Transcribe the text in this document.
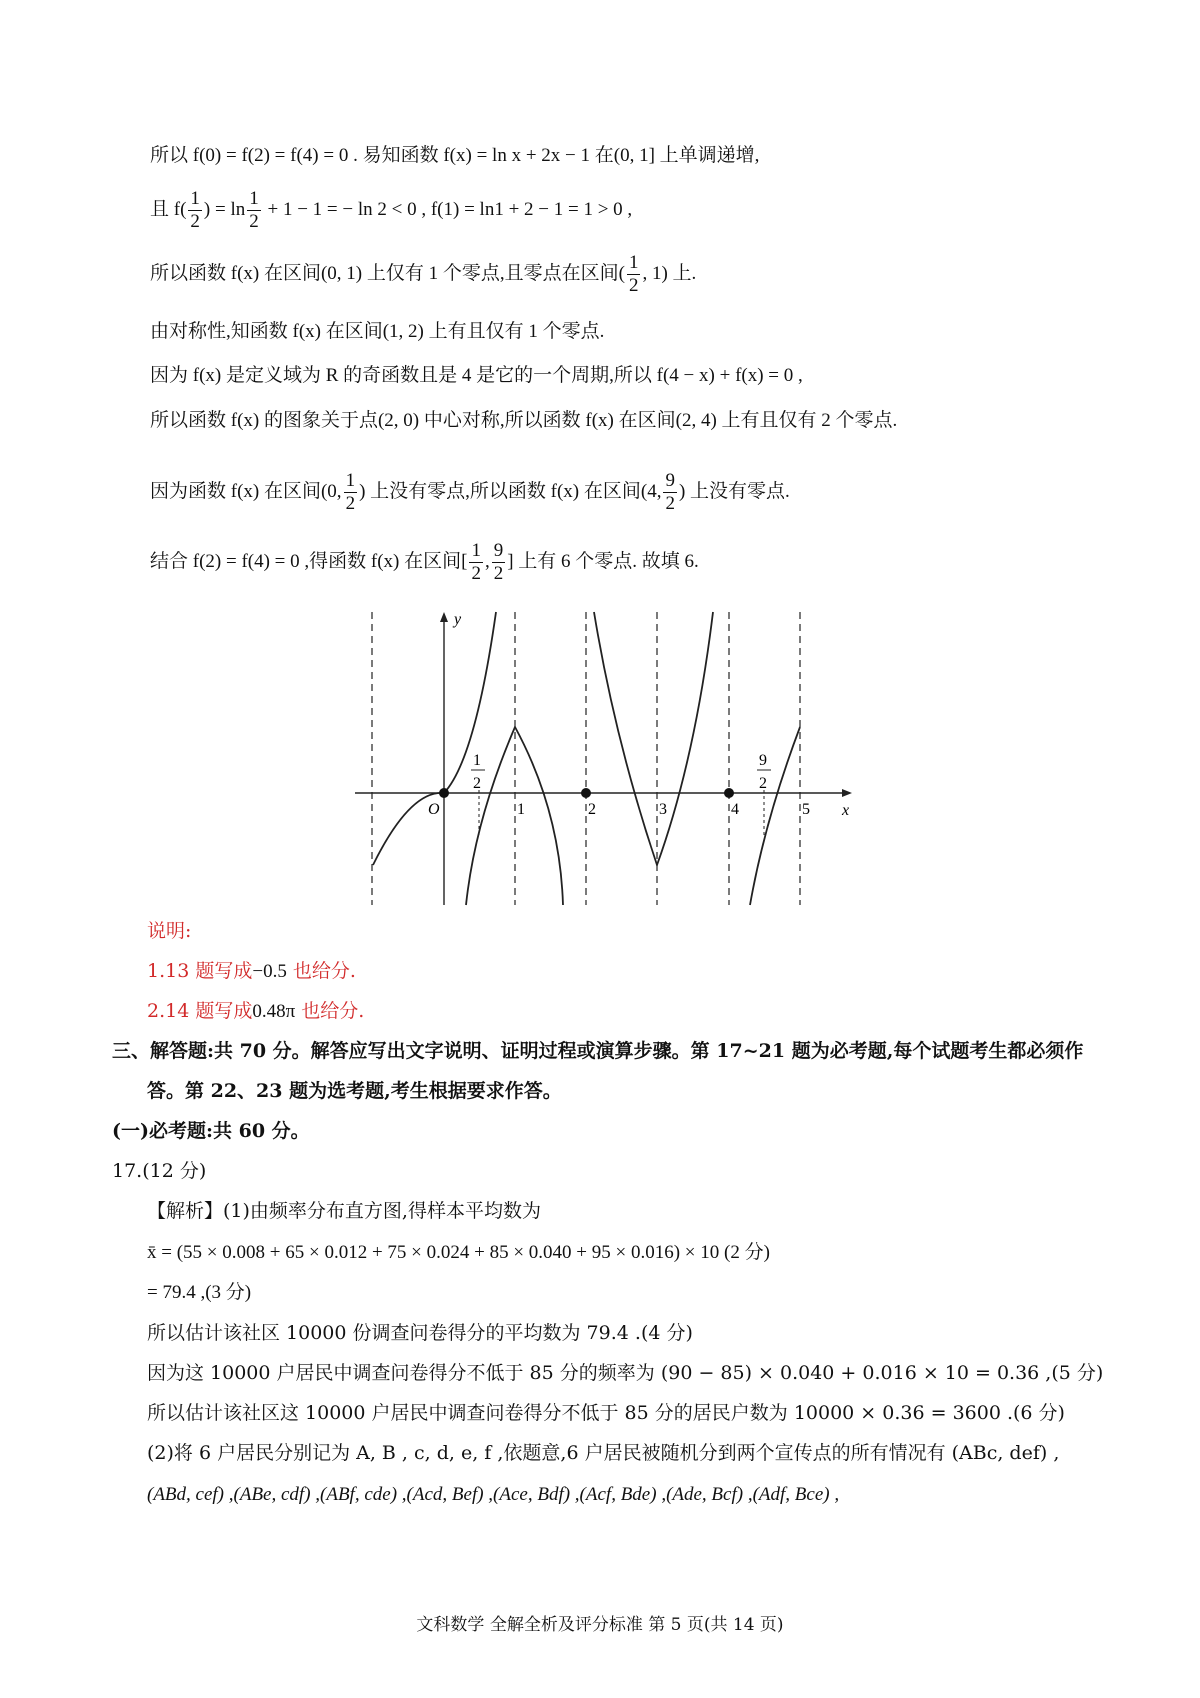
所以 f(0) = f(2) = f(4) = 0 . 易知函数 f(x) = ln x + 2x − 1 在(0, 1] 上单调递增,
且 $f( \frac{1}{2}$ ) = $\ln \frac{1}{2} + 1 - 1$ = − ln 2 < 0 , f(1) = ln1 + 2 − 1 = 1 > 0 ,
所以函数 f(x) 在区间(0, 1) 上仅有 1 个零点,且零点在区间( $\frac{1}{2}$ , 1) 上.
由对称性,知函数 f(x) 在区间(1, 2) 上有且仅有 1 个零点.
因为 f(x) 是定义域为 R 的奇函数且是 4 是它的一个周期,所以 f(4 − x) + f(x) = 0 ,
所以函数 f(x) 的图象关于点(2, 0) 中心对称,所以函数 f(x) 在区间(2, 4) 上有且仅有 2 个零点.
因为函数 f(x) 在区间(0, $\frac{1}{2}$ ) 上没有零点,所以函数 f(x) 在区间(4, $\frac{9}{2}$ ) 上没有零点.
结合 f(2) = f(4) = 0 ,得函数 f(x) 在区间[ $\frac{1}{2}$ , $\frac{9}{2}$ ] 上有 6 个零点. 故填 6.
y
x
O	1	2	3	4	5
1
2
9
2
说明:
1.13 题写成−0.5 也给分.
2.14 题写成0.48π 也给分.
三、解答题:共 70 分。解答应写出文字说明、证明过程或演算步骤。第 17~21 题为必考题,每个试题考生都必须作
答。第 22、23 题为选考题,考生根据要求作答。
(一)必考题:共 60 分。
17.(12 分)
【解析】(1)由频率分布直方图,得样本平均数为
x̄ = (55 × 0.008 + 65 × 0.012 + 75 × 0.024 + 85 × 0.040 + 95 × 0.016) × 10 (2 分)
= 79.4 ,(3 分)
所以估计该社区 10000 份调查问卷得分的平均数为 79.4 .(4 分)
因为这 10000 户居民中调查问卷得分不低于 85 分的频率为 (90 − 85) × 0.040 + 0.016 × 10 = 0.36 ,(5 分)
所以估计该社区这 10000 户居民中调查问卷得分不低于 85 分的居民户数为 10000 × 0.36 = 3600 .(6 分)
(2)将 6 户居民分别记为 A, B , c, d, e, f ,依题意,6 户居民被随机分到两个宣传点的所有情况有 (ABc, def) ,
(ABd, cef) ,(ABe, cdf) ,(ABf, cde) ,(Acd, Bef) ,(Ace, Bdf) ,(Acf, Bde) ,(Ade, Bcf) ,(Adf, Bce) ,
文科数学 全解全析及评分标准 第 5 页(共 14 页)
